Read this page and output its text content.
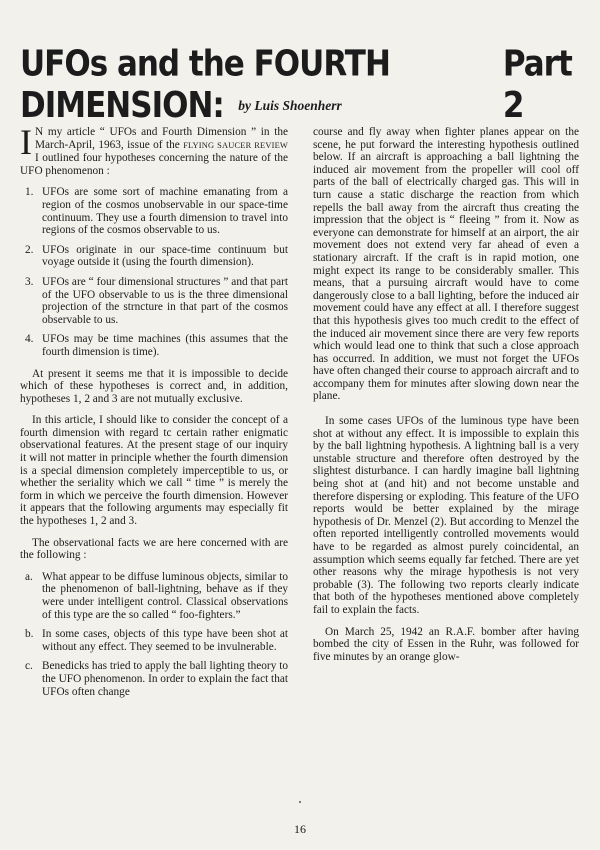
UFOs and the FOURTH DIMENSION:
Part 2
by Luis Shoenherr

I N my article “ UFOs and Fourth Dimension ” in the March-April, 1963, issue of the FLYING SAUCER REVIEW I outlined four hypotheses concerning the nature of the UFO phenomenon :

1. UFOs are some sort of machine emanating from a region of the cosmos unobservable in our space-time continuum. They use a fourth dimension to travel into regions of the cosmos observable to us.
2. UFOs originate in our space-time continuum but voyage outside it (using the fourth dimension).
3. UFOs are “ four dimensional structures ” and that part of the UFO observable to us is the three dimensional projection of the strncture in that part of the cosmos observable to us.
4. UFOs may be time machines (this assumes that the fourth dimension is time).

At present it seems me that it is impossible to decide which of these hypotheses is correct and, in addition, hypotheses 1, 2 and 3 are not mutually exclusive.

In this article, I should like to consider the concept of a fourth dimension with regard tc certain rather enigmatic observational features. At the present stage of our inquiry it will not matter in principle whether the fourth dimension is a special dimension completely imperceptible to us, or whether the seriality which we call “ time ” is merely the form in which we perceive the fourth dimension. However it appears that the following arguments may especially fit the hypotheses 1, 2 and 3.

The observational facts we are here concerned with are the following :

a. What appear to be diffuse luminous objects, similar to the phenomenon of ball-lightning, behave as if they were under intelligent control. Classical observations of this type are the so called “ foo-fighters.”
b. In some cases, objects of this type have been shot at without any effect. They seemed to be invulnerable.
c. Benedicks has tried to apply the ball lighting theory to the UFO phenomenon. In order to explain the fact that UFOs often change

course and fly away when fighter planes appear on the scene, he put forward the interesting hypothesis outlined below. If an aircraft is approaching a ball lightning the induced air movement from the propeller will cool off parts of the ball of electrically charged gas. This will in turn cause a static discharge the reaction from which repells the ball away from the aircraft thus creating the impression that the object is “ fleeing ” from it. Now as everyone can demonstrate for himself at an airport, the air movement does not extend very far ahead of even a stationary aircraft. If the craft is in rapid motion, one might expect its range to be considerably smaller. This means, that a pursuing aircraft would have to come dangerously close to a ball lighting, before the induced air movement could have any effect at all. I therefore suggest that this hypothesis gives too much credit to the effect of the induced air movement since there are very few reports which would lead one to think that such a close approach has occurred. In addition, we must not forget the UFOs have often changed their course to approach aircraft and to accompany them for minutes after slowing down near the plane.

In some cases UFOs of the luminous type have been shot at without any effect. It is impossible to explain this by the ball lightning hypothesis. A lightning ball is a very unstable structure and therefore often destroyed by the slightest disturbance. I can hardly imagine ball lightning being shot at (and hit) and not become unstable and therefore dispersing or exploding. This feature of the UFO reports would be better explained by the mirage hypothesis of Dr. Menzel (2). But according to Menzel the often reported intelligently controlled movements would have to be regarded as almost purely coincidental, an assumption which seems equally far fetched. There are yet other reasons why the mirage hypothesis is not very probable (3). The following two reports clearly indicate that both of the hypotheses mentioned above completely fail to explain the facts.

On March 25, 1942 an R.A.F. bomber after having bombed the city of Essen in the Ruhr, was followed for five minutes by an orange glow-

16
